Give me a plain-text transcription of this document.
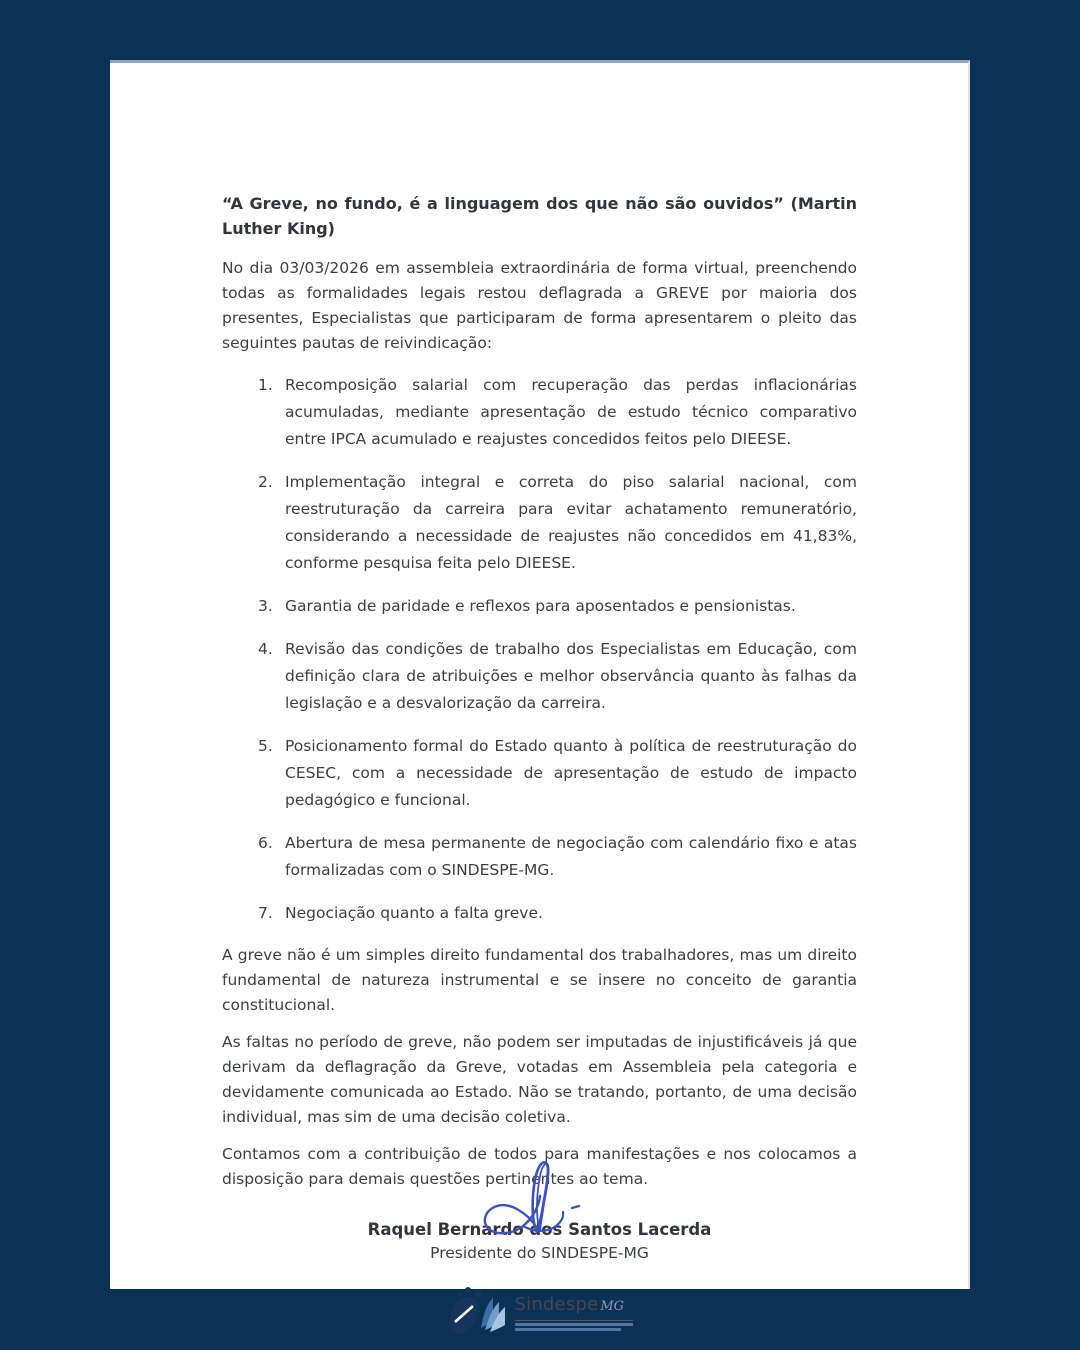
“A Greve, no fundo, é a linguagem dos que não são ouvidos” (Martin Luther King)

No dia 03/03/2026 em assembleia extraordinária de forma virtual, preenchendo todas as formalidades legais restou deflagrada a GREVE por maioria dos presentes, Especialistas que participaram de forma apresentarem o pleito das seguintes pautas de reivindicação:

1. Recomposição salarial com recuperação das perdas inflacionárias acumuladas, mediante apresentação de estudo técnico comparativo entre IPCA acumulado e reajustes concedidos feitos pelo DIEESE.
2. Implementação integral e correta do piso salarial nacional, com reestruturação da carreira para evitar achatamento remuneratório, considerando a necessidade de reajustes não concedidos em 41,83%, conforme pesquisa feita pelo DIEESE.
3. Garantia de paridade e reflexos para aposentados e pensionistas.
4. Revisão das condições de trabalho dos Especialistas em Educação, com definição clara de atribuições e melhor observância quanto às falhas da legislação e a desvalorização da carreira.
5. Posicionamento formal do Estado quanto à política de reestruturação do CESEC, com a necessidade de apresentação de estudo de impacto pedagógico e funcional.
6. Abertura de mesa permanente de negociação com calendário fixo e atas formalizadas com o SINDESPE-MG.
7. Negociação quanto a falta greve.

A greve não é um simples direito fundamental dos trabalhadores, mas um direito fundamental de natureza instrumental e se insere no conceito de garantia constitucional.

As faltas no período de greve, não podem ser imputadas de injustificáveis já que derivam da deflagração da Greve, votadas em Assembleia pela categoria e devidamente comunicada ao Estado. Não se tratando, portanto, de uma decisão individual, mas sim de uma decisão coletiva.

Contamos com a contribuição de todos para manifestações e nos colocamos a disposição para demais questões pertinentes ao tema.

Raquel Bernardo dos Santos Lacerda
Presidente do SINDESPE-MG
Sindespe MG
